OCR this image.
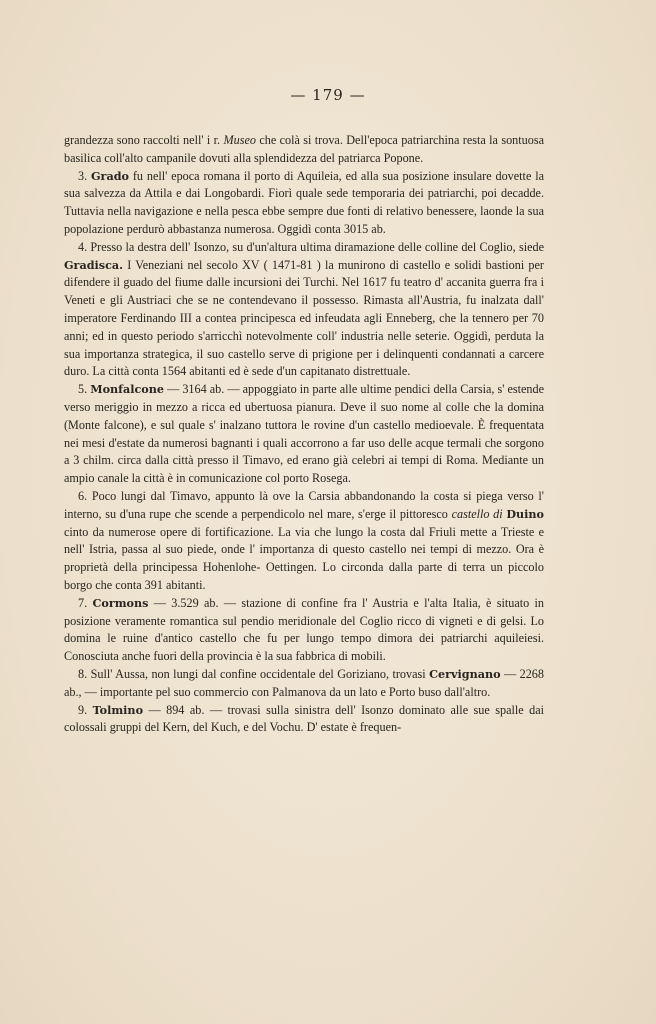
— 179 —

grandezza sono raccolti nell' i r. Museo che colà si trova. Dell'epoca patriarchina resta la sontuosa basilica coll'alto campanile dovuti alla splendidezza del patriarca Popone.

3. Grado fu nell' epoca romana il porto di Aquileia, ed alla sua posizione insulare dovette la sua salvezza da Attila e dai Longobardi. Fiorì quale sede temporaria dei patriarchi, poi decadde. Tuttavia nella navigazione e nella pesca ebbe sempre due fonti di relativo benessere, laonde la sua popolazione perdurò abbastanza numerosa. Oggidì conta 3015 ab.

4. Presso la destra dell' Isonzo, su d'un'altura ultima diramazione delle colline del Coglio, siede Gradisca. I Veneziani nel secolo XV ( 1471-81 ) la munirono di castello e solidi bastioni per difendere il guado del fiume dalle incursioni dei Turchi. Nel 1617 fu teatro d' accanita guerra fra i Veneti e gli Austriaci che se ne contendevano il possesso. Rimasta all'Austria, fu inalzata dall' imperatore Ferdinando III a contea principesca ed infeudata agli Enneberg, che la tennero per 70 anni; ed in questo periodo s'arricchì notevolmente coll' industria nelle seterie. Oggidì, perduta la sua importanza strategica, il suo castello serve di prigione per i delinquenti condannati a carcere duro. La città conta 1564 abitanti ed è sede d'un capitanato distrettuale.

5. Monfalcone — 3164 ab. — appoggiato in parte alle ultime pendici della Carsia, s' estende verso meriggio in mezzo a ricca ed ubertuosa pianura. Deve il suo nome al colle che la domina (Monte falcone), e sul quale s' inalzano tuttora le rovine d'un castello medioevale. È frequentata nei mesi d'estate da numerosi bagnanti i quali accorrono a far uso delle acque termali che sorgono a 3 chilm. circa dalla città presso il Timavo, ed erano già celebri ai tempi di Roma. Mediante un ampio canale la città è in comunicazione col porto Rosega.

6. Poco lungi dal Timavo, appunto là ove la Carsia abbandonando la costa si piega verso l' interno, su d'una rupe che scende a perpendicolo nel mare, s'erge il pittoresco castello di Duino cinto da numerose opere di fortificazione. La via che lungo la costa dal Friuli mette a Trieste e nell' Istria, passa al suo piede, onde l' importanza di questo castello nei tempi di mezzo. Ora è proprietà della principessa Hohenlohe- Oettingen. Lo circonda dalla parte di terra un piccolo borgo che conta 391 abitanti.

7. Cormons — 3.529 ab. — stazione di confine fra l' Austria e l'alta Italia, è situato in posizione veramente romantica sul pendio meridionale del Coglio ricco di vigneti e di gelsi. Lo domina le ruine d'antico castello che fu per lungo tempo dimora dei patriarchi aquileiesi. Conosciuta anche fuori della provincia è la sua fabbrica di mobili.

8. Sull' Aussa, non lungi dal confine occidentale del Goriziano, trovasi Cervignano — 2268 ab., — importante pel suo commercio con Palmanova da un lato e Porto buso dall'altro.

9. Tolmino — 894 ab. — trovasi sulla sinistra dell' Isonzo dominato alle sue spalle dai colossali gruppi del Kern, del Kuch, e del Vochu. D' estate è frequen-
